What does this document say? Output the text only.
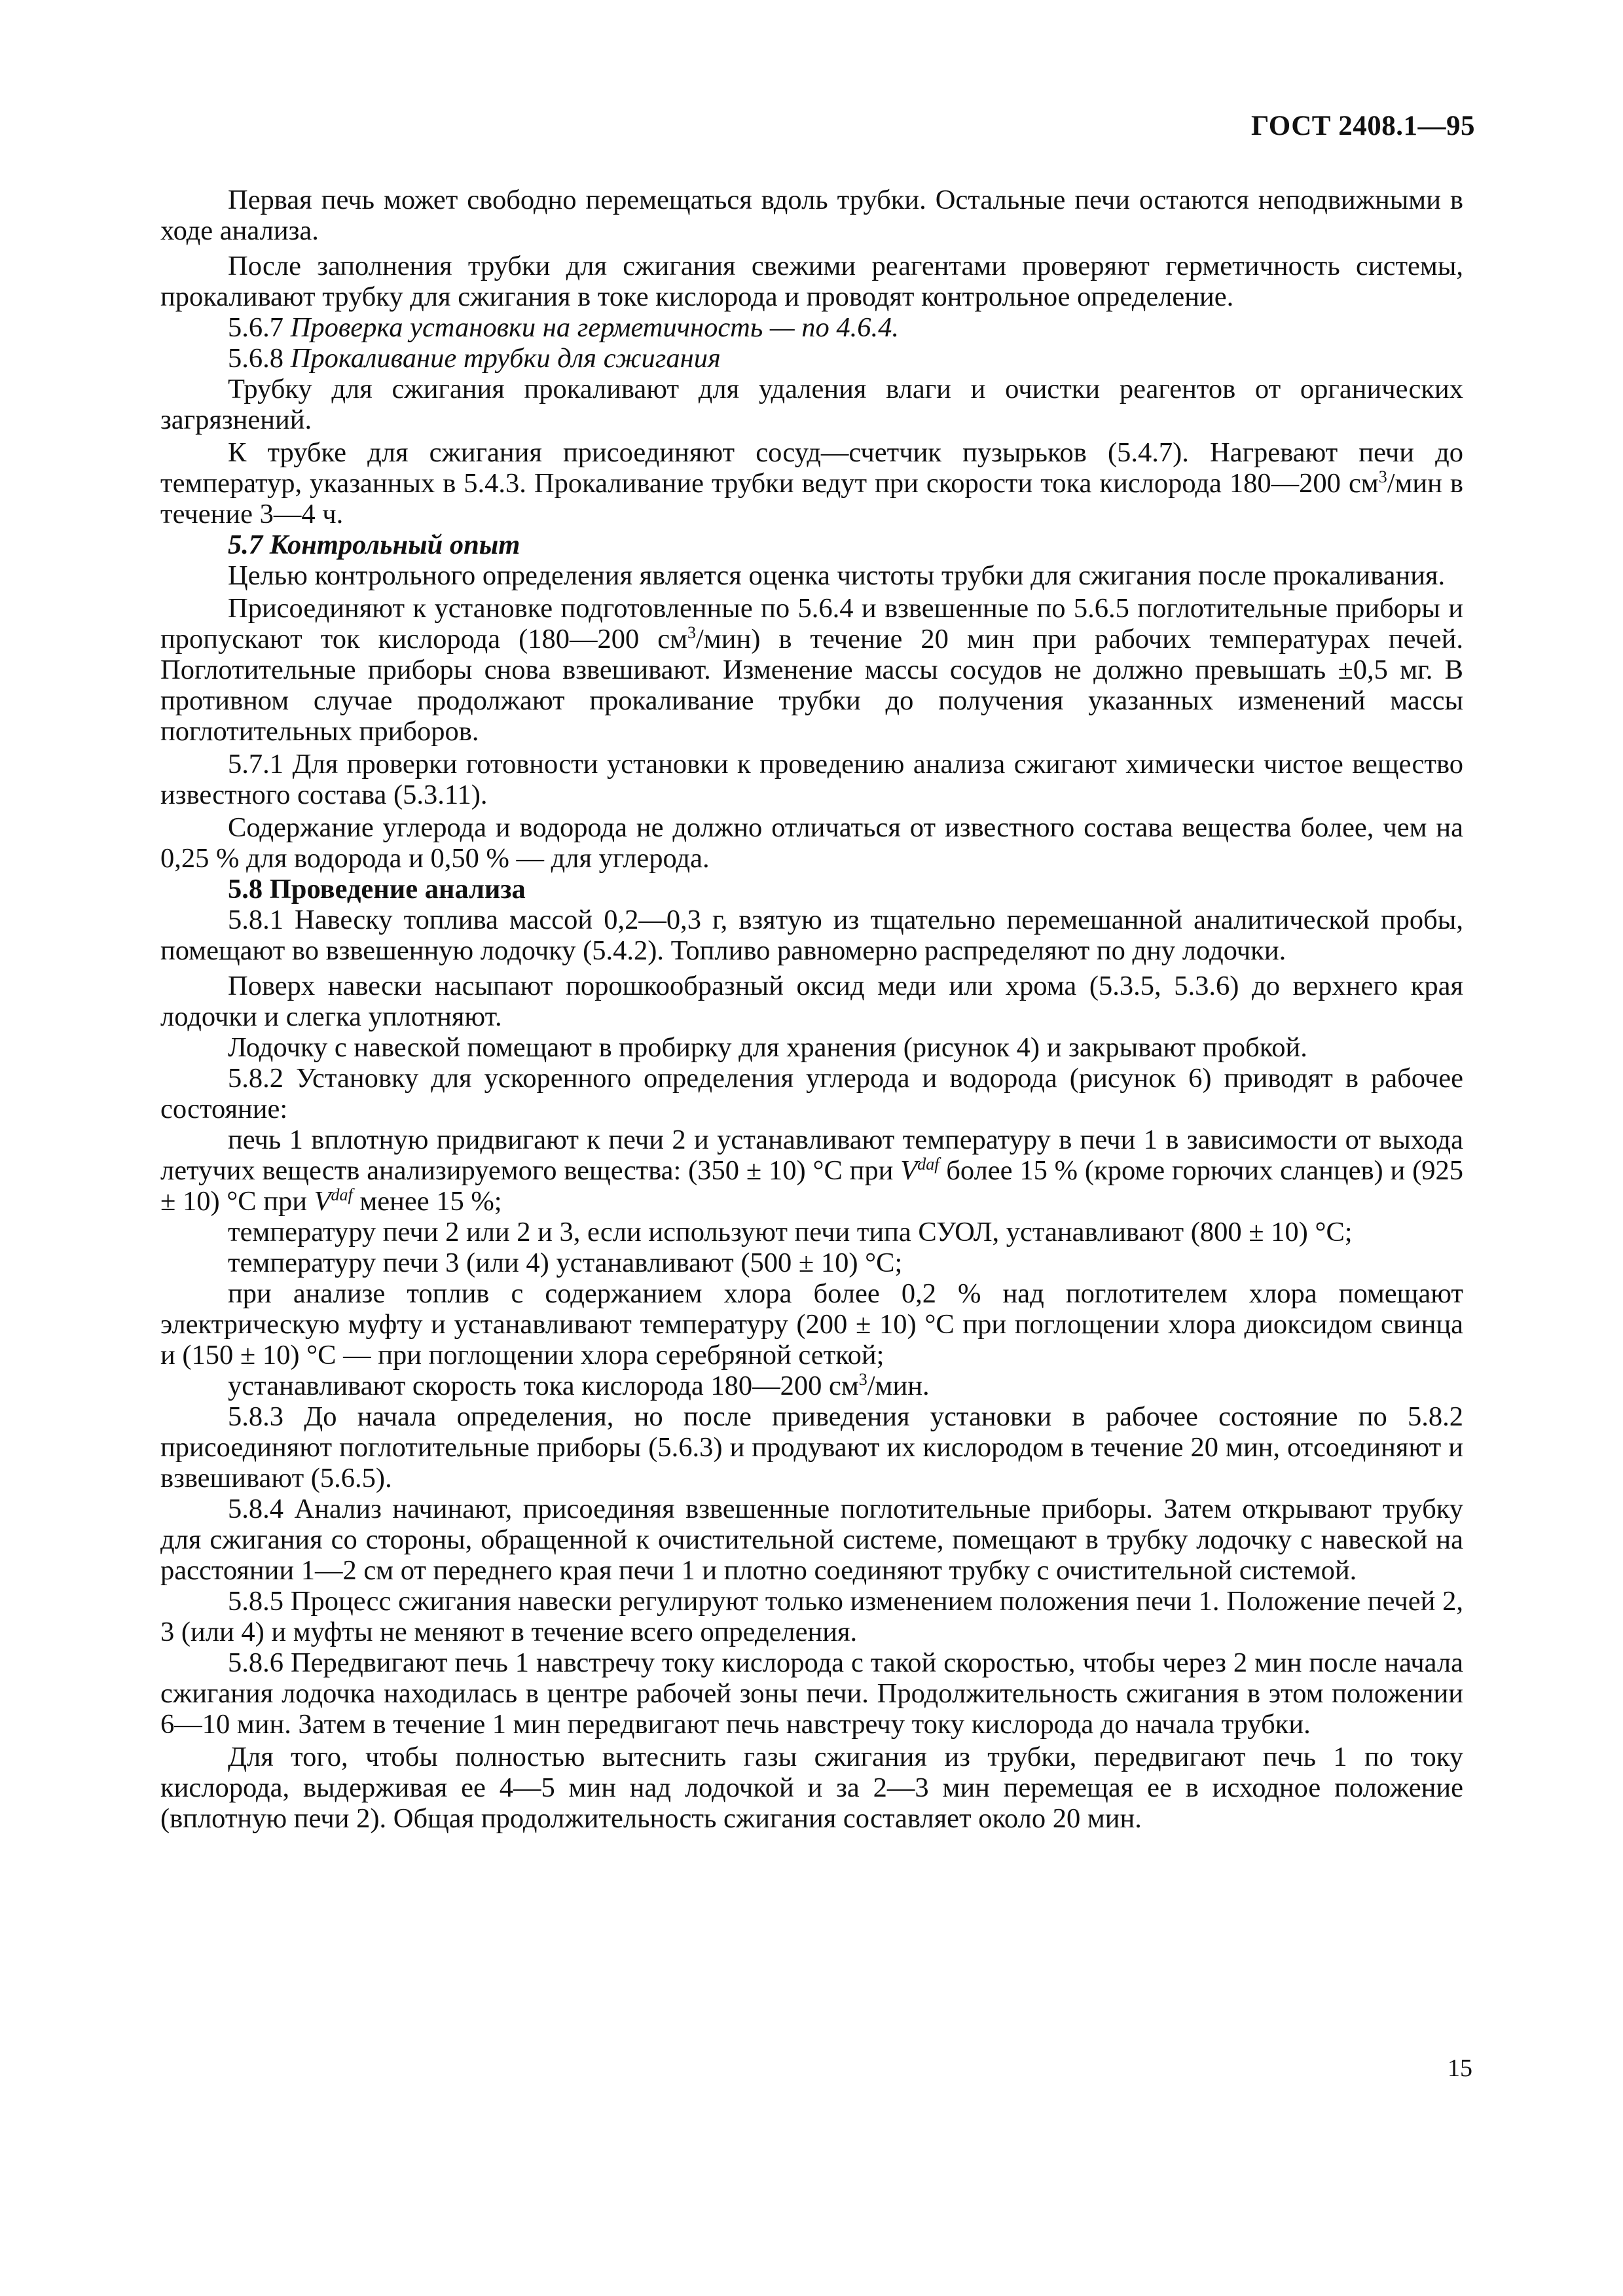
ГОСТ 2408.1—95

Первая печь может свободно перемещаться вдоль трубки. Остальные печи остаются неподвижными в ходе анализа.

После заполнения трубки для сжигания свежими реагентами проверяют герметичность системы, прокаливают трубку для сжигания в токе кислорода и проводят контрольное определение.

5.6.7 Проверка установки на герметичность — по 4.6.4.

5.6.8 Прокаливание трубки для сжигания

Трубку для сжигания прокаливают для удаления влаги и очистки реагентов от органических загрязнений.

К трубке для сжигания присоединяют сосуд—счетчик пузырьков (5.4.7). Нагревают печи до температур, указанных в 5.4.3. Прокаливание трубки ведут при скорости тока кислорода 180—200 $см^3$/мин в течение 3—4 ч.

5.7 Контрольный опыт

Целью контрольного определения является оценка чистоты трубки для сжигания после прокаливания.

Присоединяют к установке подготовленные по 5.6.4 и взвешенные по 5.6.5 поглотительные приборы и пропускают ток кислорода (180—200 $см^3/мин$) в течение 20 мин при рабочих температурах печей. Поглотительные приборы снова взвешивают. Изменение массы сосудов не должно превышать ±0,5 мг. В противном случае продолжают прокаливание трубки до получения указанных изменений массы поглотительных приборов.

5.7.1 Для проверки готовности установки к проведению анализа сжигают химически чистое вещество известного состава (5.3.11).

Содержание углерода и водорода не должно отличаться от известного состава вещества более, чем на 0,25 % для водорода и 0,50 % — для углерода.

5.8 Проведение анализа

5.8.1 Навеску топлива массой 0,2—0,3 г, взятую из тщательно перемешанной аналитической пробы, помещают во взвешенную лодочку (5.4.2). Топливо равномерно распределяют по дну лодочки.

Поверх навески насыпают порошкообразный оксид меди или хрома (5.3.5, 5.3.6) до верхнего края лодочки и слегка уплотняют.

Лодочку с навеской помещают в пробирку для хранения (рисунок 4) и закрывают пробкой.

5.8.2 Установку для ускоренного определения углерода и водорода (рисунок 6) приводят в рабочее состояние:

печь 1 вплотную придвигают к печи 2 и устанавливают температуру в печи 1 в зависимости от выхода летучих веществ анализируемого вещества: (350 ± 10) °С при $V^{daf}$ более 15 % (кроме горючих сланцев) и (925 ± 10) °С при $V^{daf}$ менее 15 %;

температуру печи 2 или 2 и 3, если используют печи типа СУОЛ, устанавливают (800 ± 10) °С;

температуру печи 3 (или 4) устанавливают (500 ± 10) °С;

при анализе топлив с содержанием хлора более 0,2 % над поглотителем хлора помещают электрическую муфту и устанавливают температуру (200 ± 10) °С при поглощении хлора диоксидом свинца и (150 ± 10) °С — при поглощении хлора серебряной сеткой;

устанавливают скорость тока кислорода 180—200 $см^3$/мин.

5.8.3 До начала определения, но после приведения установки в рабочее состояние по 5.8.2 присоединяют поглотительные приборы (5.6.3) и продувают их кислородом в течение 20 мин, отсоединяют и взвешивают (5.6.5).

5.8.4 Анализ начинают, присоединяя взвешенные поглотительные приборы. Затем открывают трубку для сжигания со стороны, обращенной к очистительной системе, помещают в трубку лодочку с навеской на расстоянии 1—2 см от переднего края печи 1 и плотно соединяют трубку с очистительной системой.

5.8.5 Процесс сжигания навески регулируют только изменением положения печи 1. Положение печей 2, 3 (или 4) и муфты не меняют в течение всего определения.

5.8.6 Передвигают печь 1 навстречу току кислорода с такой скоростью, чтобы через 2 мин после начала сжигания лодочка находилась в центре рабочей зоны печи. Продолжительность сжигания в этом положении 6—10 мин. Затем в течение 1 мин передвигают печь навстречу току кислорода до начала трубки.

Для того, чтобы полностью вытеснить газы сжигания из трубки, передвигают печь 1 по току кислорода, выдерживая ее 4—5 мин над лодочкой и за 2—3 мин перемещая ее в исходное положение (вплотную печи 2). Общая продолжительность сжигания составляет около 20 мин.

15
